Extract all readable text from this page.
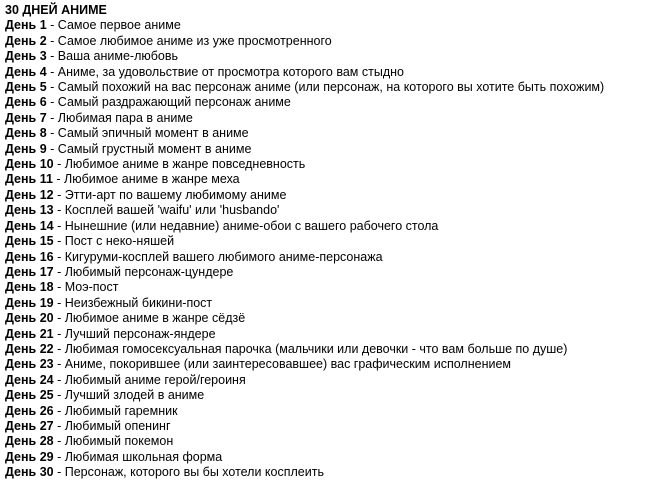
30 ДНЕЙ АНИМЕ
День 1 - Самое первое аниме
День 2 - Самое любимое аниме из уже просмотренного
День 3 - Ваша аниме-любовь
День 4 - Аниме, за удовольствие от просмотра которого вам стыдно
День 5 - Самый похожий на вас персонаж аниме (или персонаж, на которого вы хотите быть похожим)
День 6 - Самый раздражающий персонаж аниме
День 7 - Любимая пара в аниме
День 8 - Самый эпичный момент в аниме
День 9 - Самый грустный момент в аниме
День 10 - Любимое аниме в жанре повседневность
День 11 - Любимое аниме в жанре меха
День 12 - Этти-арт по вашему любимому аниме
День 13 - Косплей вашей 'waifu' или 'husbando'
День 14 - Нынешние (или недавние) аниме-обои с вашего рабочего стола
День 15 - Пост с неко-няшей
День 16 - Кигуруми-косплей вашего любимого аниме-персонажа
День 17 - Любимый персонаж-цундере
День 18 - Моэ-пост
День 19 - Неизбежный бикини-пост
День 20 - Любимое аниме в жанре сёдзё
День 21 - Лучший персонаж-яндере
День 22 - Любимая гомосексуальная парочка (мальчики или девочки - что вам больше по душе)
День 23 - Аниме, покорившее (или заинтересовавшее) вас графическим исполнением
День 24 - Любимый аниме герой/героиня
День 25 - Лучший злодей в аниме
День 26 - Любимый гаремник
День 27 - Любимый опенинг
День 28 - Любимый покемон
День 29 - Любимая школьная форма
День 30 - Персонаж, которого вы бы хотели косплеить
